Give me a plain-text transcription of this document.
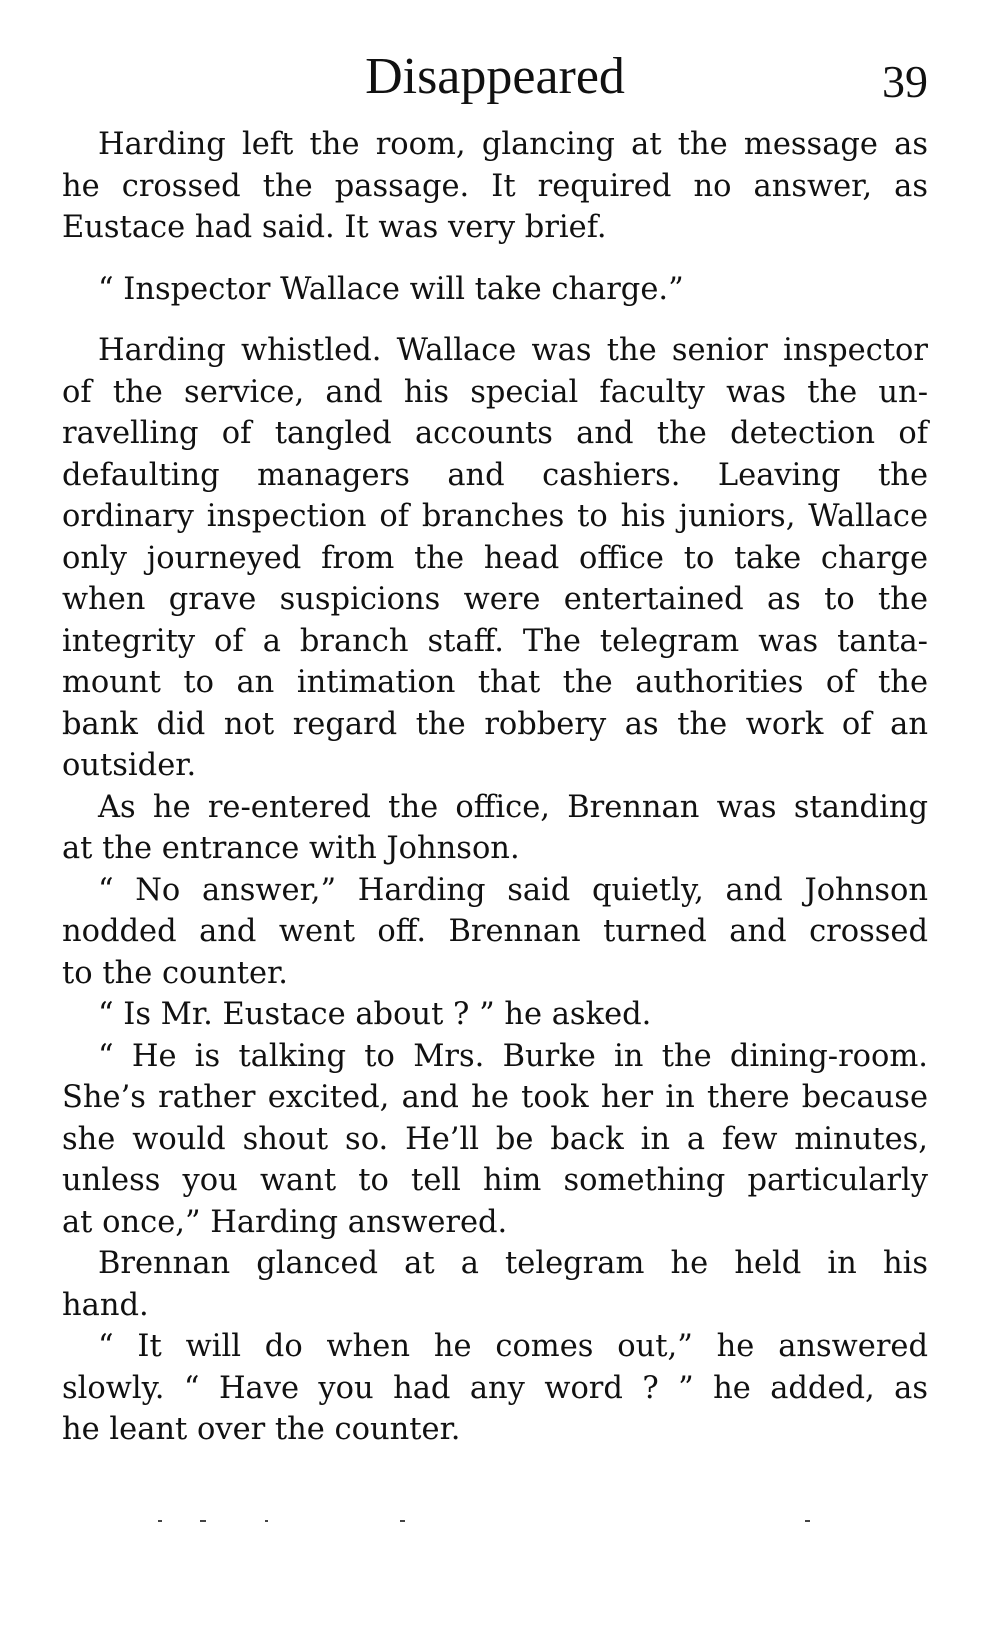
Disappeared	39
Harding left the room, glancing at the message as
he crossed the passage. It required no answer, as
Eustace had said. It was very brief.
“ Inspector Wallace will take charge.”
Harding whistled. Wallace was the senior inspector
of the service, and his special faculty was the un-
ravelling of tangled accounts and the detection of
defaulting managers and cashiers. Leaving the
ordinary inspection of branches to his juniors, Wallace
only journeyed from the head office to take charge
when grave suspicions were entertained as to the
integrity of a branch staff. The telegram was tanta-
mount to an intimation that the authorities of the
bank did not regard the robbery as the work of an
outsider.
As he re-entered the office, Brennan was standing
at the entrance with Johnson.
“ No answer,” Harding said quietly, and Johnson
nodded and went off. Brennan turned and crossed
to the counter.
“ Is Mr. Eustace about ? ” he asked.
“ He is talking to Mrs. Burke in the dining-room.
She’s rather excited, and he took her in there because
she would shout so. He’ll be back in a few minutes,
unless you want to tell him something particularly
at once,” Harding answered.
Brennan glanced at a telegram he held in his
hand.
“ It will do when he comes out,” he answered
slowly. “ Have you had any word ? ” he added, as
he leant over the counter.
